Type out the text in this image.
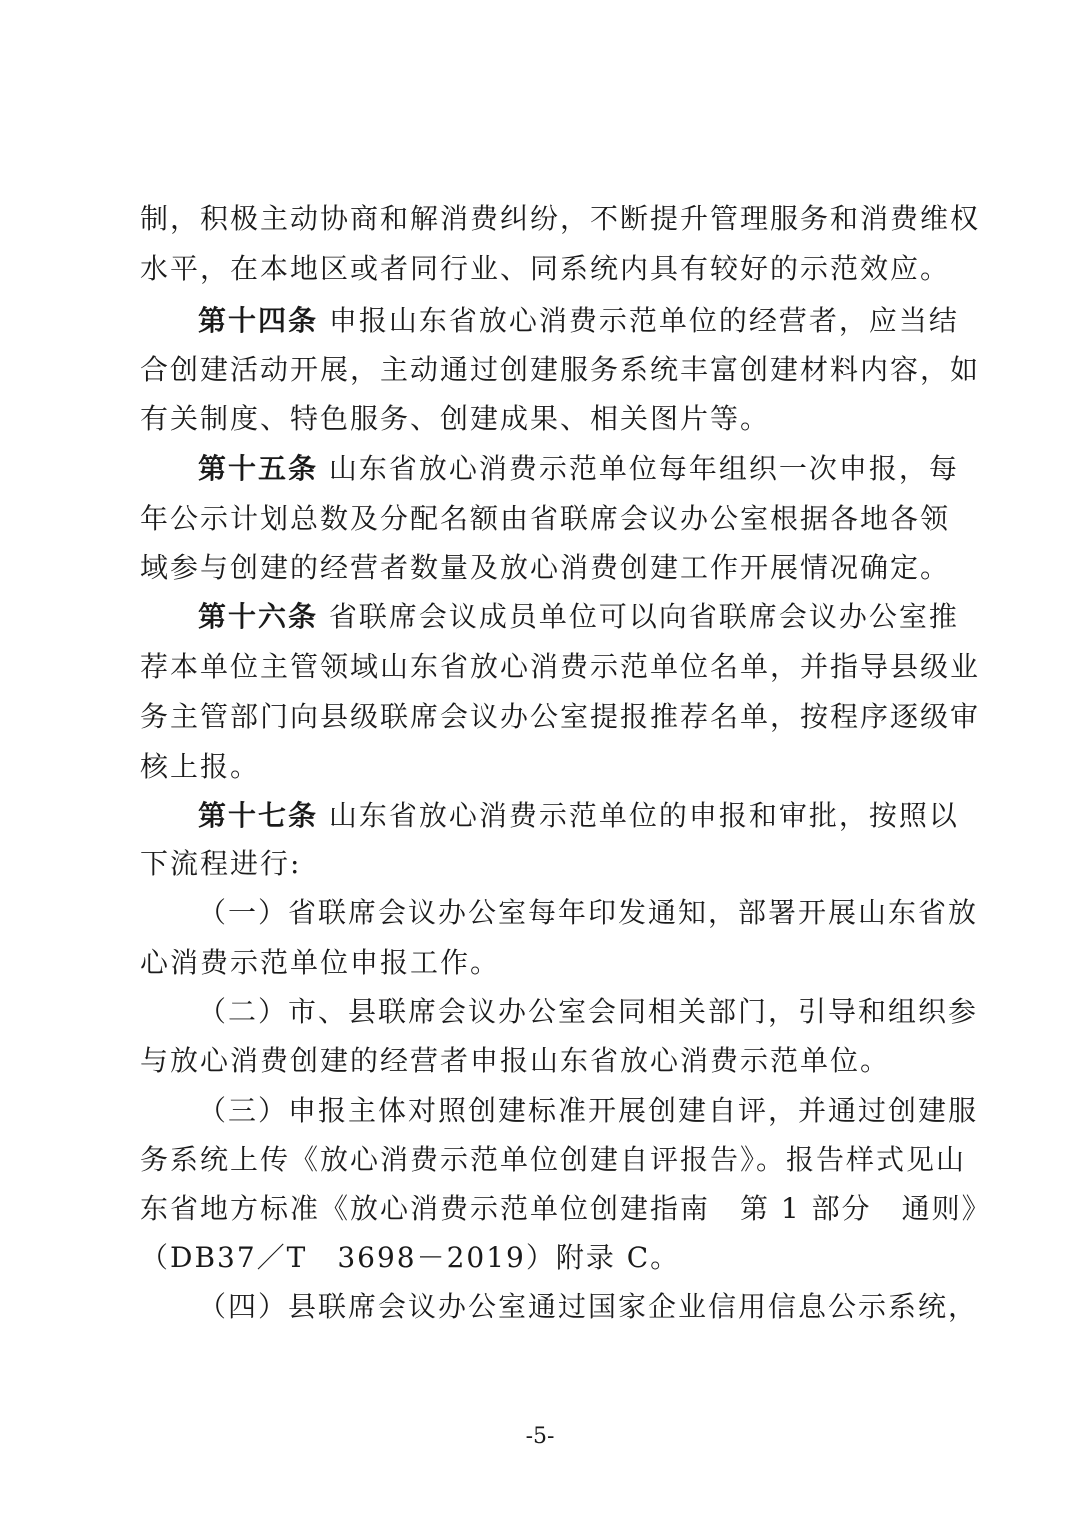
制，积极主动协商和解消费纠纷，不断提升管理服务和消费维权
水平，在本地区或者同行业、同系统内具有较好的示范效应。
第十四条 申报山东省放心消费示范单位的经营者，应当结
合创建活动开展，主动通过创建服务系统丰富创建材料内容，如
有关制度、特色服务、创建成果、相关图片等。
第十五条 山东省放心消费示范单位每年组织一次申报，每
年公示计划总数及分配名额由省联席会议办公室根据各地各领
域参与创建的经营者数量及放心消费创建工作开展情况确定。
第十六条 省联席会议成员单位可以向省联席会议办公室推
荐本单位主管领域山东省放心消费示范单位名单，并指导县级业
务主管部门向县级联席会议办公室提报推荐名单，按程序逐级审
核上报。
第十七条 山东省放心消费示范单位的申报和审批，按照以
下流程进行:
（一）省联席会议办公室每年印发通知，部署开展山东省放
心消费示范单位申报工作。
（二）市、县联席会议办公室会同相关部门，引导和组织参
与放心消费创建的经营者申报山东省放心消费示范单位。
（三）申报主体对照创建标准开展创建自评，并通过创建服
务系统上传《放心消费示范单位创建自评报告》。报告样式见山
东省地方标准《放心消费示范单位创建指南　第 1 部分　通则》
（DB37／T　3698－2019）附录 C。
（四）县联席会议办公室通过国家企业信用信息公示系统，
-5-
